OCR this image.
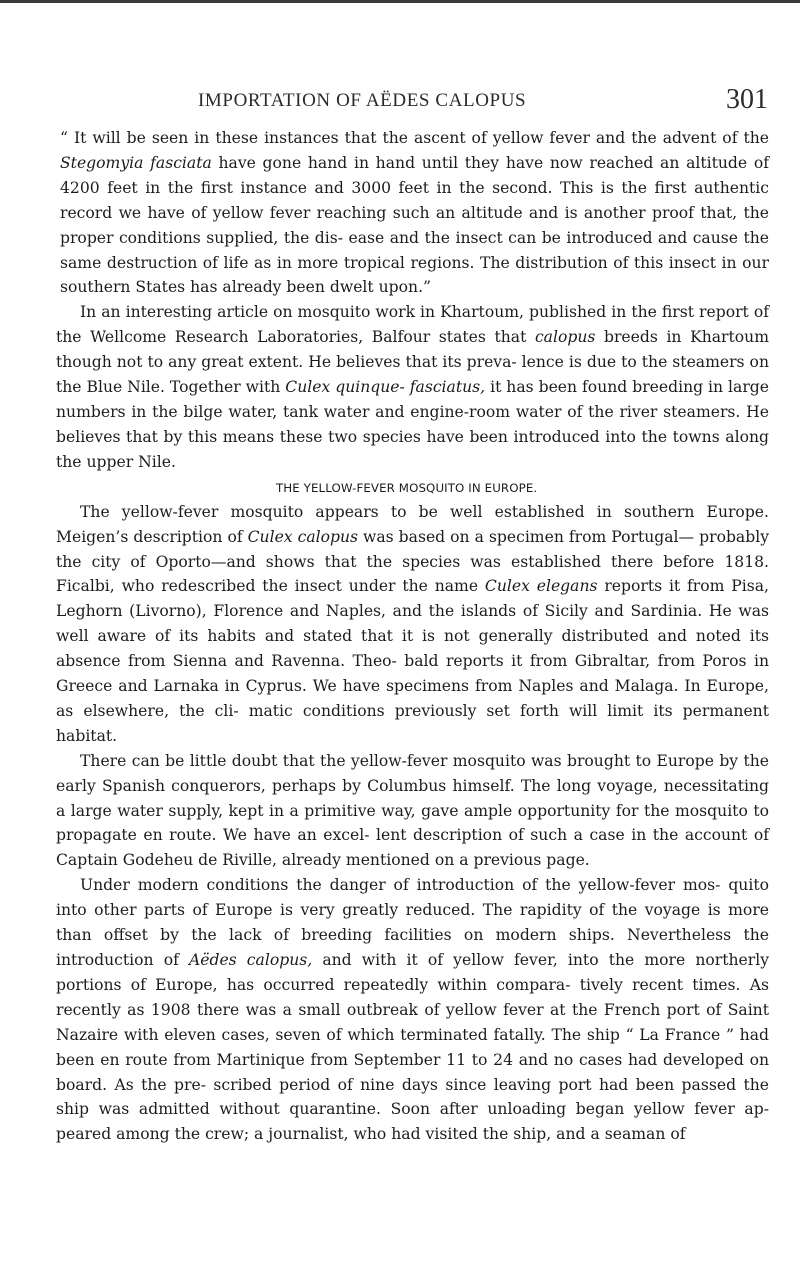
IMPORTATION OF AËDES CALOPUS	301

“ It will be seen in these instances that the ascent of yellow fever and the advent of the Stegomyia fasciata have gone hand in hand until they have now reached an altitude of 4200 feet in the first instance and 3000 feet in the second. This is the first authentic record we have of yellow fever reaching such an altitude and is another proof that, the proper conditions supplied, the dis- ease and the insect can be introduced and cause the same destruction of life as in more tropical regions. The distribution of this insect in our southern States has already been dwelt upon.”

In an interesting article on mosquito work in Khartoum, published in the first report of the Wellcome Research Laboratories, Balfour states that calopus breeds in Khartoum though not to any great extent. He believes that its preva- lence is due to the steamers on the Blue Nile. Together with Culex quinque- fasciatus, it has been found breeding in large numbers in the bilge water, tank water and engine-room water of the river steamers. He believes that by this means these two species have been introduced into the towns along the upper Nile.

THE YELLOW-FEVER MOSQUITO IN EUROPE.

The yellow-fever mosquito appears to be well established in southern Europe. Meigen’s description of Culex calopus was based on a specimen from Portugal— probably the city of Oporto—and shows that the species was established there before 1818. Ficalbi, who redescribed the insect under the name Culex elegans reports it from Pisa, Leghorn (Livorno), Florence and Naples, and the islands of Sicily and Sardinia. He was well aware of its habits and stated that it is not generally distributed and noted its absence from Sienna and Ravenna. Theo- bald reports it from Gibraltar, from Poros in Greece and Larnaka in Cyprus. We have specimens from Naples and Malaga. In Europe, as elsewhere, the cli- matic conditions previously set forth will limit its permanent habitat.

There can be little doubt that the yellow-fever mosquito was brought to Europe by the early Spanish conquerors, perhaps by Columbus himself. The long voyage, necessitating a large water supply, kept in a primitive way, gave ample opportunity for the mosquito to propagate en route. We have an excel- lent description of such a case in the account of Captain Godeheu de Riville, already mentioned on a previous page.

Under modern conditions the danger of introduction of the yellow-fever mos- quito into other parts of Europe is very greatly reduced. The rapidity of the voyage is more than offset by the lack of breeding facilities on modern ships. Nevertheless the introduction of Aëdes calopus, and with it of yellow fever, into the more northerly portions of Europe, has occurred repeatedly within compara- tively recent times. As recently as 1908 there was a small outbreak of yellow fever at the French port of Saint Nazaire with eleven cases, seven of which terminated fatally. The ship “ La France ” had been en route from Martinique from September 11 to 24 and no cases had developed on board. As the pre- scribed period of nine days since leaving port had been passed the ship was admitted without quarantine. Soon after unloading began yellow fever ap- peared among the crew; a journalist, who had visited the ship, and a seaman of
